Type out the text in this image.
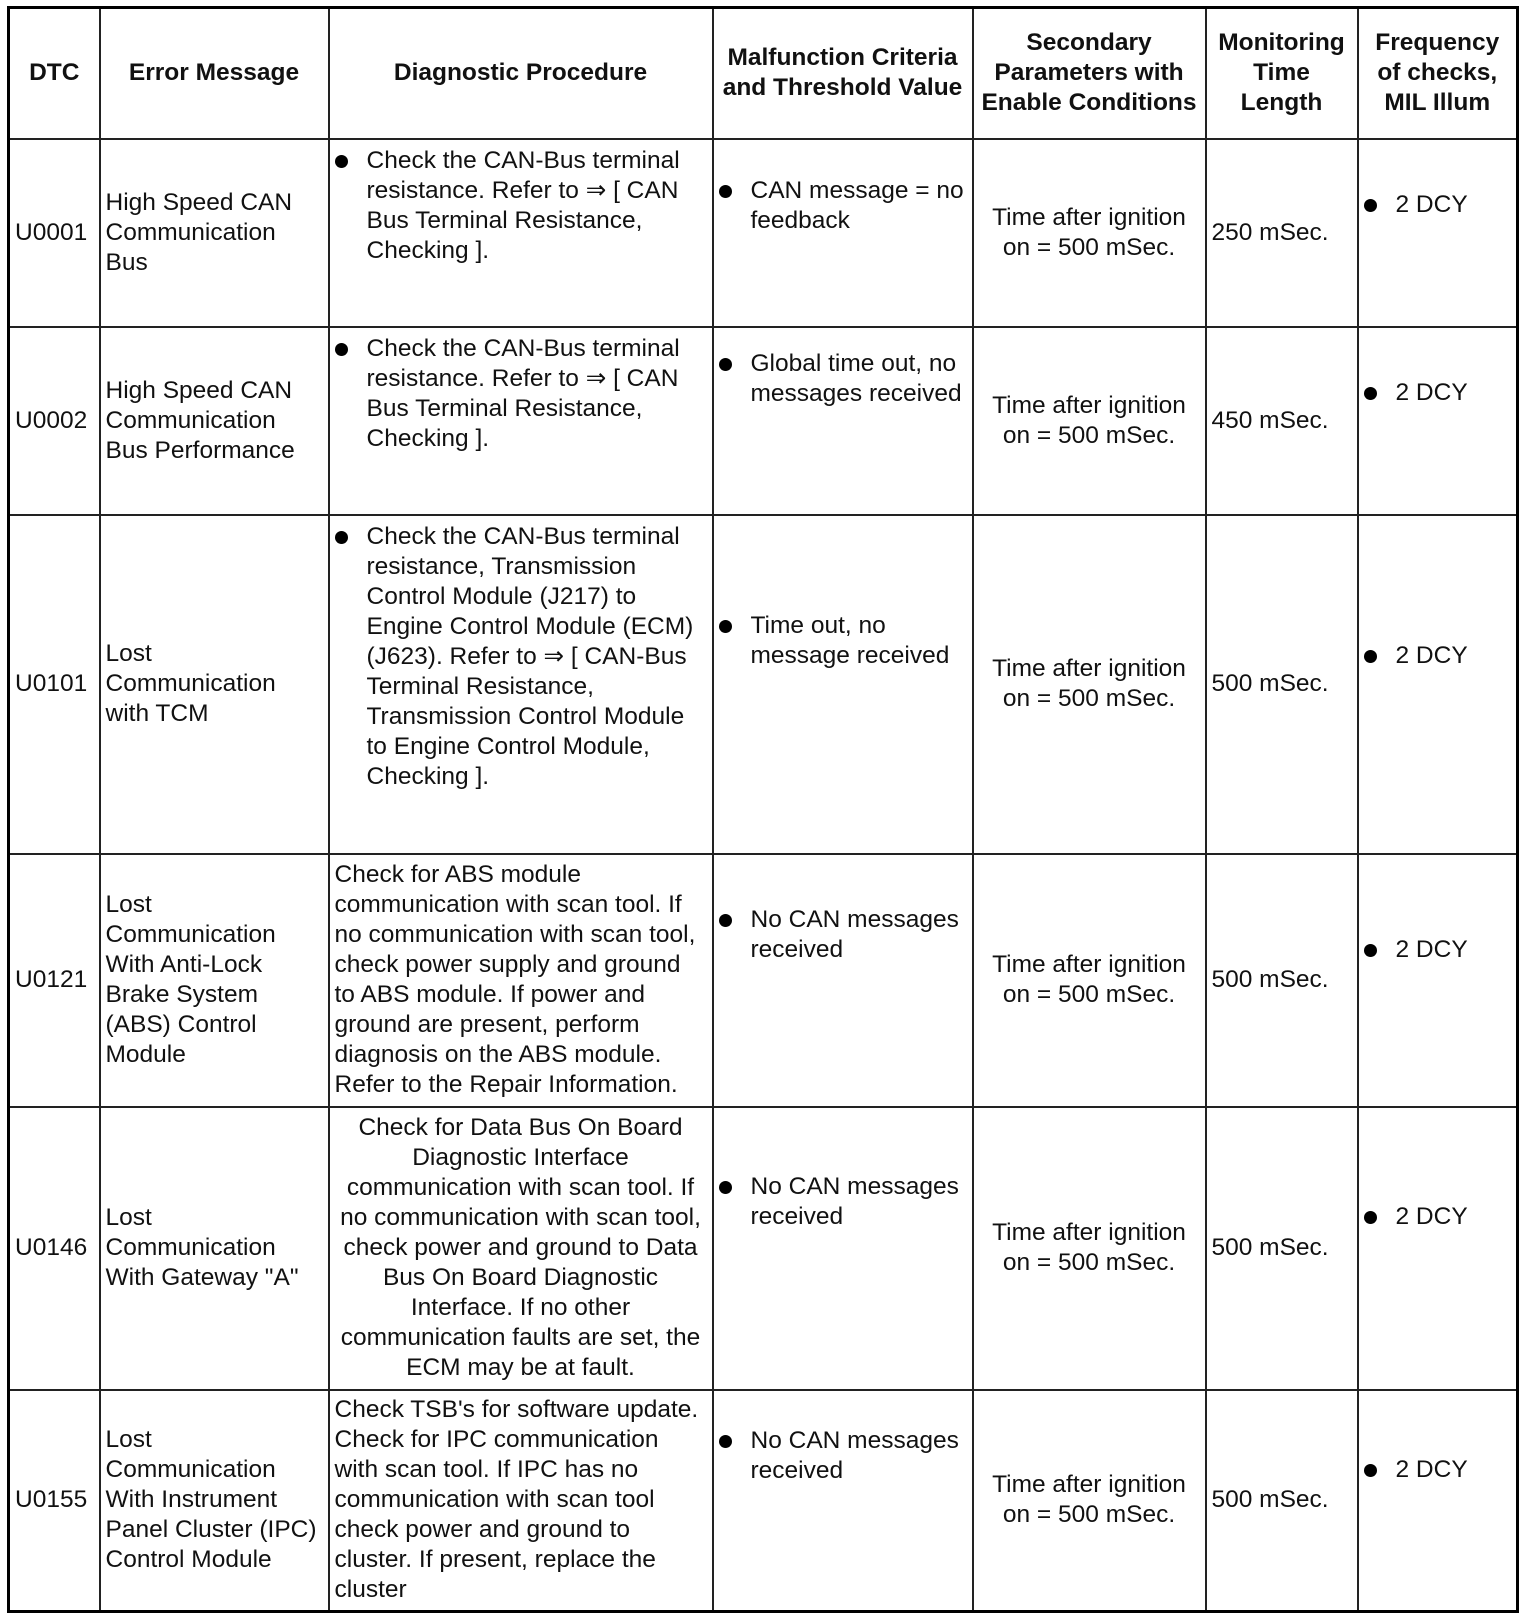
DTC	Error Message	Diagnostic Procedure	Malfunction Criteria and Threshold Value	Secondary Parameters with Enable Conditions	Monitoring Time Length	Frequency of checks, MIL Illum
U0001	High Speed CAN Communication Bus	Check the CAN-Bus terminal resistance. Refer to ⇒ [ CAN Bus Terminal Resistance, Checking ].	CAN message = no feedback	Time after ignition on = 500 mSec.	250 mSec.	2 DCY

U0002	High Speed CAN Communication Bus Performance	Check the CAN-Bus terminal resistance. Refer to ⇒ [ CAN Bus Terminal Resistance, Checking ].	Global time out, no messages received	Time after ignition on = 500 mSec.	450 mSec.	2 DCY

U0101	Lost Communication with TCM	Check the CAN-Bus terminal resistance, Transmission Control Module (J217) to Engine Control Module (ECM) (J623). Refer to ⇒ [ CAN-Bus Terminal Resistance, Transmission Control Module to Engine Control Module, Checking ].	Time out, no message received	Time after ignition on = 500 mSec.	500 mSec.	2 DCY

U0121	Lost Communication With Anti-Lock Brake System (ABS) Control Module	Check for ABS module communication with scan tool. If no communication with scan tool, check power supply and ground to ABS module. If power and ground are present, perform diagnosis on the ABS module. Refer to the Repair Information.	No CAN messages received	Time after ignition on = 500 mSec.	500 mSec.	2 DCY

U0146	Lost Communication With Gateway "A"	Check for Data Bus On Board Diagnostic Interface communication with scan tool. If no communication with scan tool, check power and ground to Data Bus On Board Diagnostic Interface. If no other communication faults are set, the ECM may be at fault.	No CAN messages received	Time after ignition on = 500 mSec.	500 mSec.	2 DCY

U0155	Lost Communication With Instrument Panel Cluster (IPC) Control Module	Check TSB's for software update. Check for IPC communication with scan tool. If IPC has no communication with scan tool check power and ground to cluster. If present, replace the cluster	No CAN messages received	Time after ignition on = 500 mSec.	500 mSec.	2 DCY
